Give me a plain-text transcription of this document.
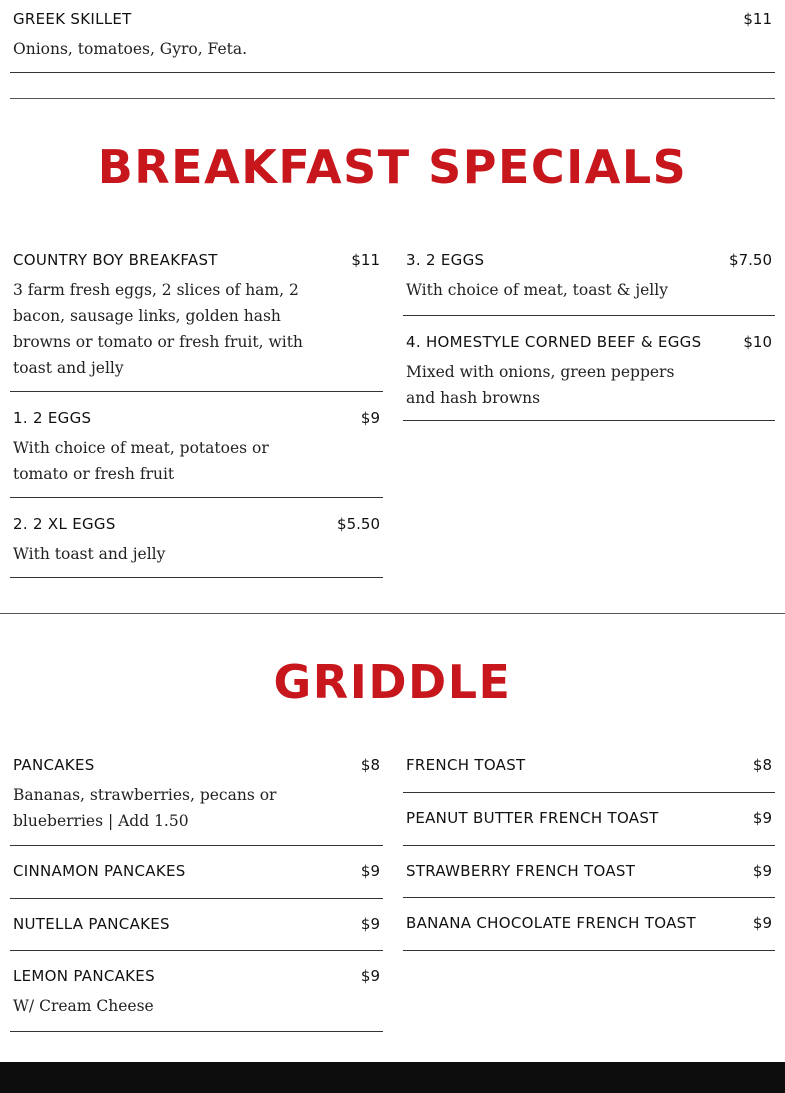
GREEK SKILLET	$11
Onions, tomatoes, Gyro, Feta.
BREAKFAST SPECIALS
COUNTRY BOY BREAKFAST	$11
3 farm fresh eggs, 2 slices of ham, 2 bacon, sausage links, golden hash browns or tomato or fresh fruit, with toast and jelly
1. 2 EGGS	$9
With choice of meat, potatoes or tomato or fresh fruit
2. 2 XL EGGS	$5.50
With toast and jelly
3. 2 EGGS	$7.50
With choice of meat, toast & jelly
4. HOMESTYLE CORNED BEEF & EGGS	$10
Mixed with onions, green peppers and hash browns
GRIDDLE
PANCAKES	$8
Bananas, strawberries, pecans or blueberries | Add 1.50
CINNAMON PANCAKES	$9
NUTELLA PANCAKES	$9
LEMON PANCAKES	$9
W/ Cream Cheese
FRENCH TOAST	$8
PEANUT BUTTER FRENCH TOAST	$9
STRAWBERRY FRENCH TOAST	$9
BANANA CHOCOLATE FRENCH TOAST	$9
